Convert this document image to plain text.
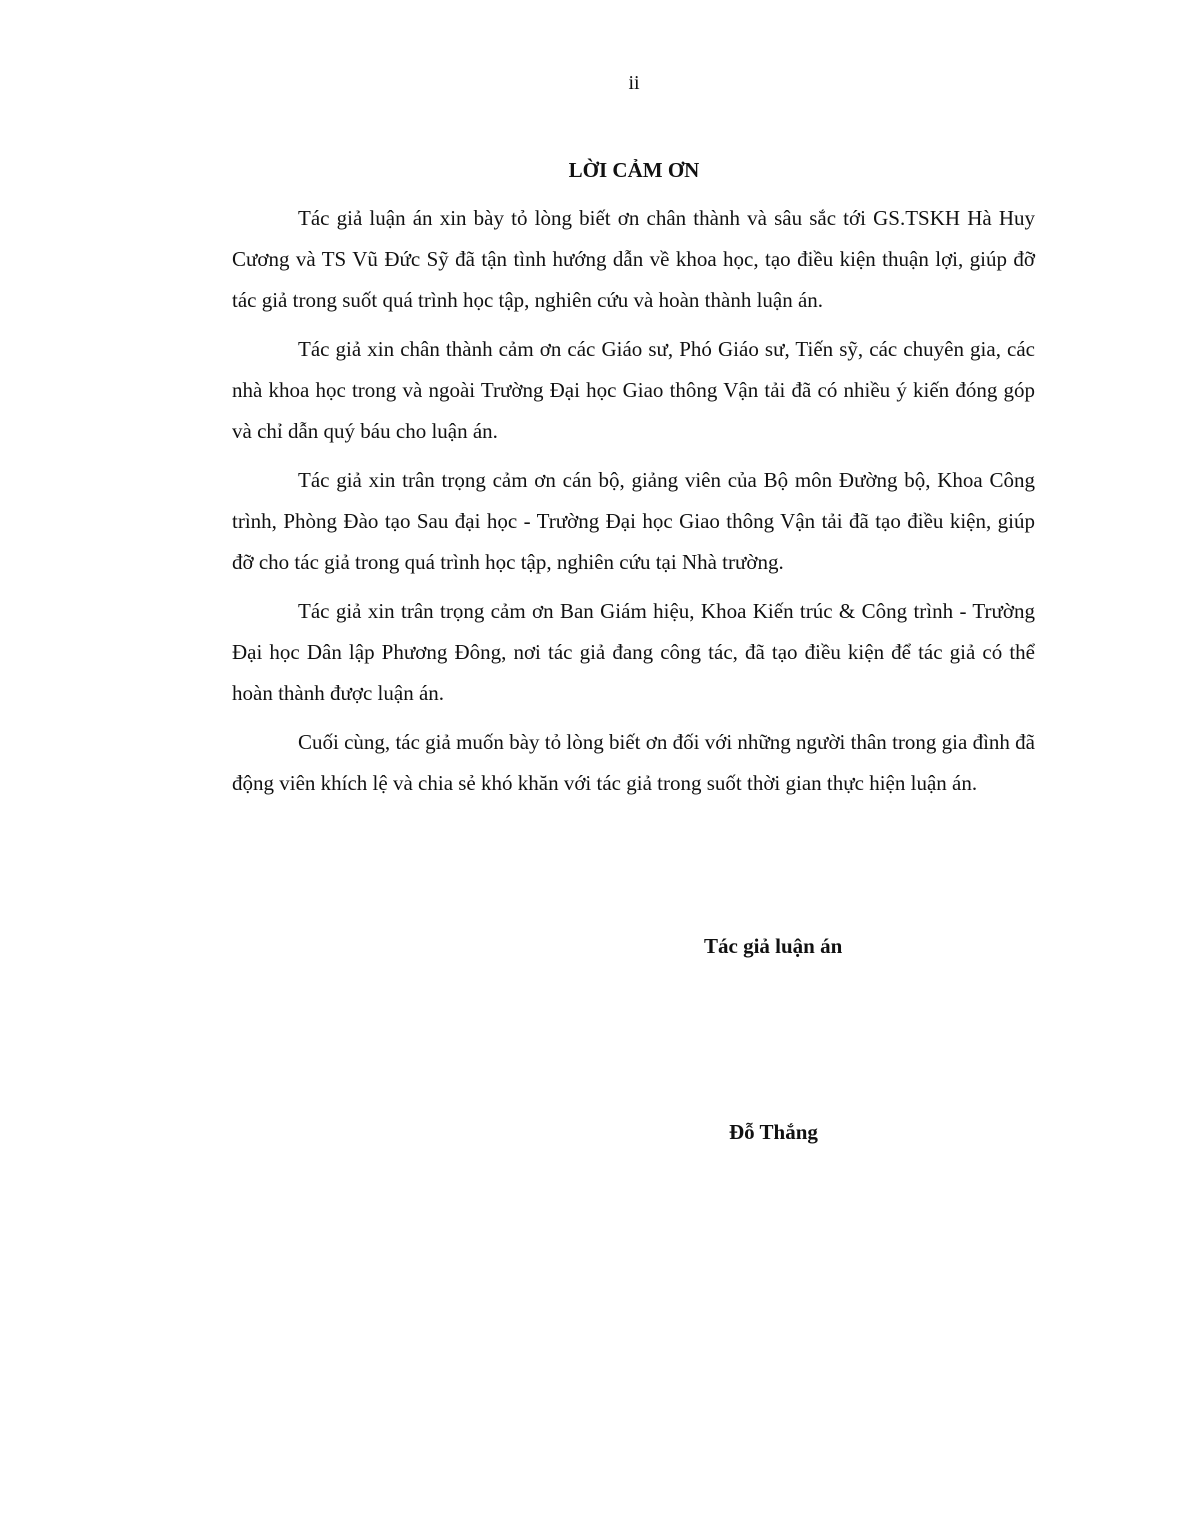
ii
LỜI CẢM ƠN

Tác giả luận án xin bày tỏ lòng biết ơn chân thành và sâu sắc tới GS.TSKH Hà Huy Cương và TS Vũ Đức Sỹ đã tận tình hướng dẫn về khoa học, tạo điều kiện thuận lợi, giúp đỡ tác giả trong suốt quá trình học tập, nghiên cứu và hoàn thành luận án.

Tác giả xin chân thành cảm ơn các Giáo sư, Phó Giáo sư, Tiến sỹ, các chuyên gia, các nhà khoa học trong và ngoài Trường Đại học Giao thông Vận tải đã có nhiều ý kiến đóng góp và chỉ dẫn quý báu cho luận án.

Tác giả xin trân trọng cảm ơn cán bộ, giảng viên của Bộ môn Đường bộ, Khoa Công trình, Phòng Đào tạo Sau đại học - Trường Đại học Giao thông Vận tải đã tạo điều kiện, giúp đỡ cho tác giả trong quá trình học tập, nghiên cứu tại Nhà trường.

Tác giả xin trân trọng cảm ơn Ban Giám hiệu, Khoa Kiến trúc & Công trình - Trường Đại học Dân lập Phương Đông, nơi tác giả đang công tác, đã tạo điều kiện để tác giả có thể hoàn thành được luận án.

Cuối cùng, tác giả muốn bày tỏ lòng biết ơn đối với những người thân trong gia đình đã động viên khích lệ và chia sẻ khó khăn với tác giả trong suốt thời gian thực hiện luận án.

Tác giả luận án
Đỗ Thắng
